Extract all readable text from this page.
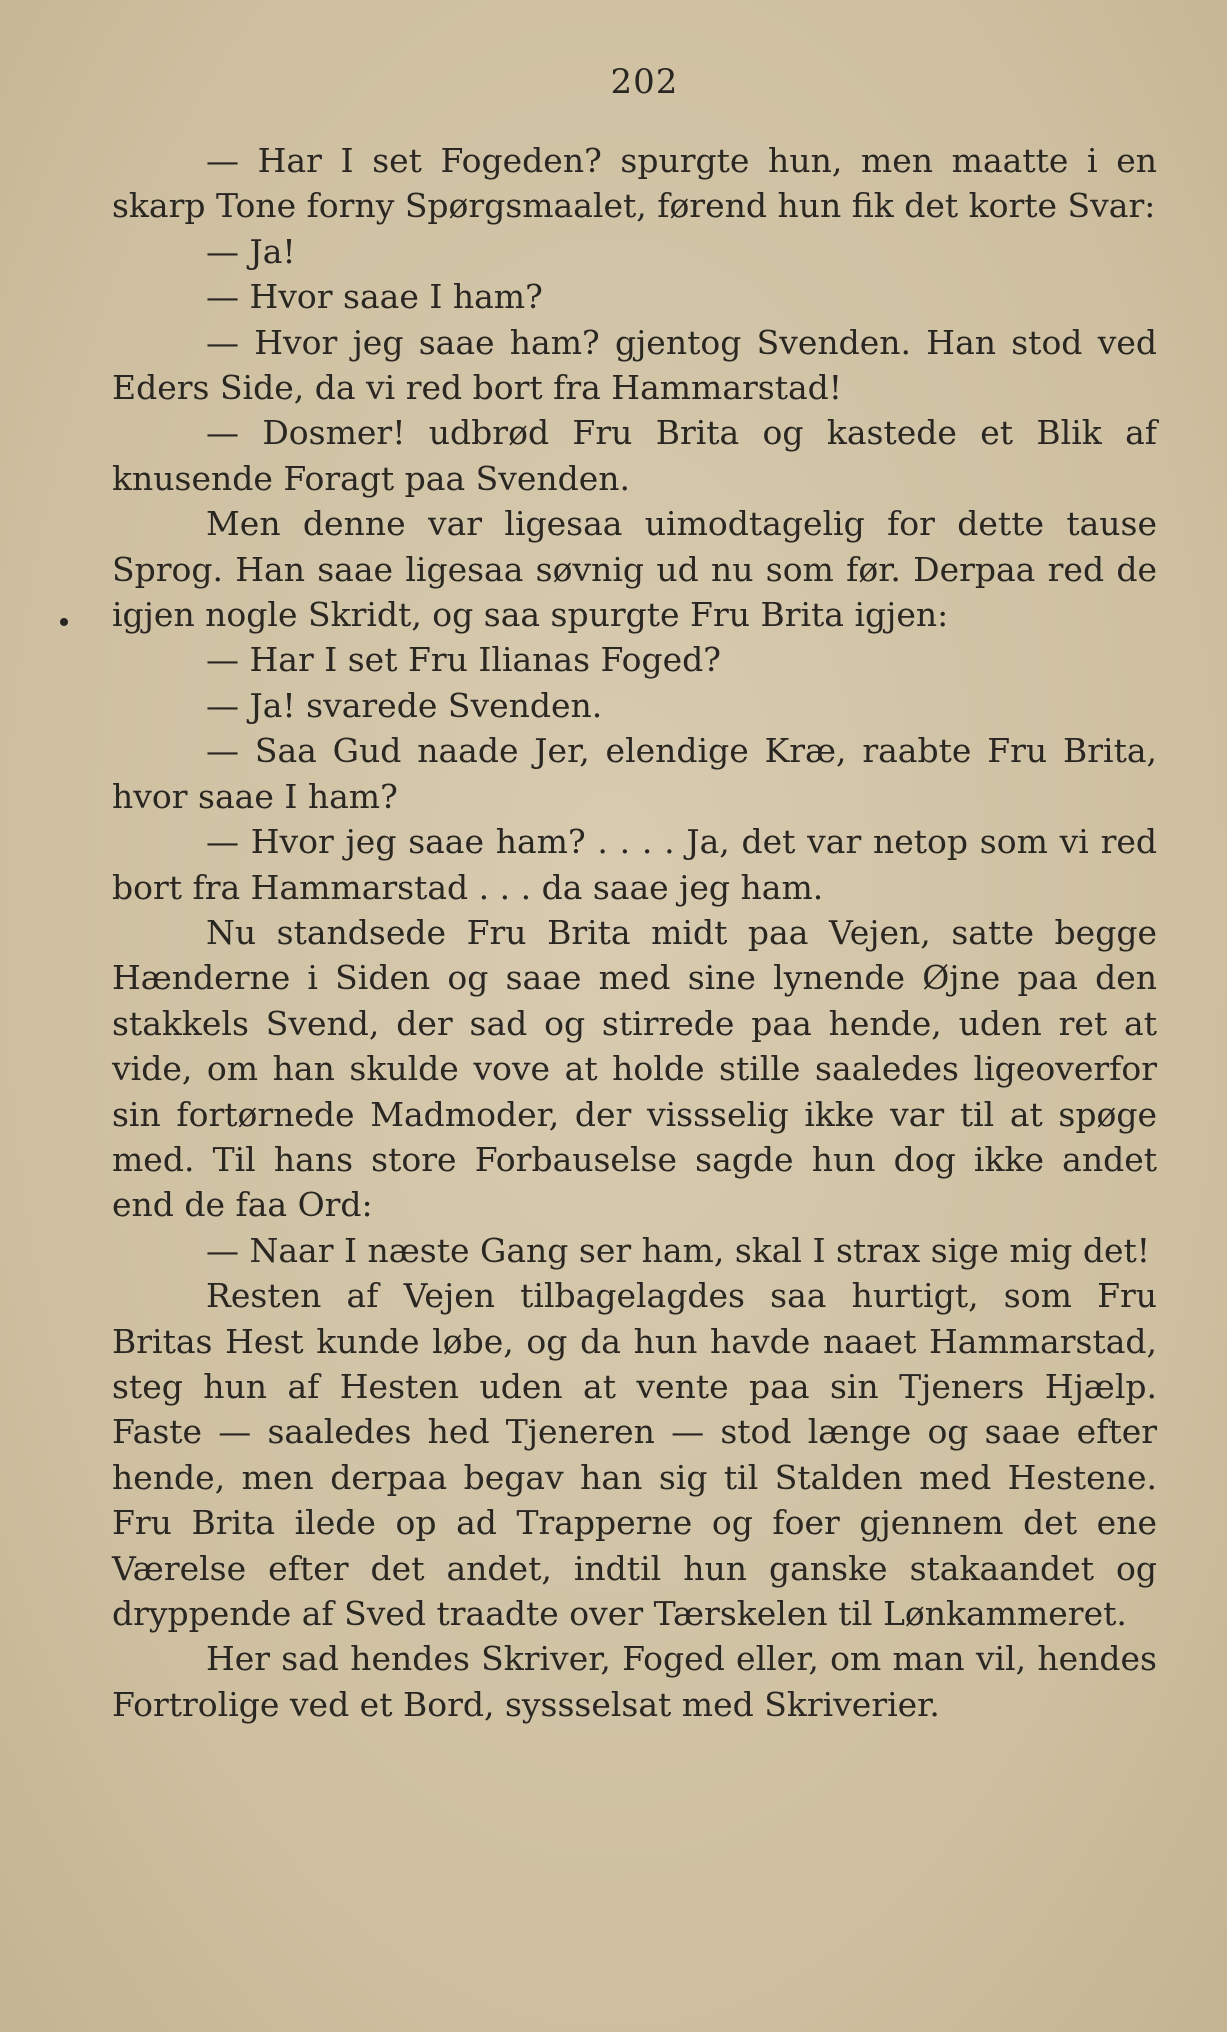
202

— Har I set Fogeden? spurgte hun, men maatte i en skarp Tone forny Spørgsmaalet, førend hun fik det korte Svar:

— Ja!

— Hvor saae I ham?

— Hvor jeg saae ham? gjentog Svenden. Han stod ved Eders Side, da vi red bort fra Hammarstad!

— Dosmer! udbrød Fru Brita og kastede et Blik af knusende Foragt paa Svenden.

Men denne var ligesaa uimodtagelig for dette tause Sprog. Han saae ligesaa søvnig ud nu som før. Derpaa red de igjen nogle Skridt, og saa spurgte Fru Brita igjen:

— Har I set Fru Ilianas Foged?

— Ja! svarede Svenden.

— Saa Gud naade Jer, elendige Kræ, raabte Fru Brita, hvor saae I ham?

— Hvor jeg saae ham? . . . . Ja, det var netop som vi red bort fra Hammarstad . . . da saae jeg ham.

Nu standsede Fru Brita midt paa Vejen, satte begge Hænderne i Siden og saae med sine lynende Øjne paa den stakkels Svend, der sad og stirrede paa hende, uden ret at vide, om han skulde vove at holde stille saaledes ligeoverfor sin fortørnede Madmoder, der vissselig ikke var til at spøge med. Til hans store Forbauselse sagde hun dog ikke andet end de faa Ord:

— Naar I næste Gang ser ham, skal I strax sige mig det!

Resten af Vejen tilbagelagdes saa hurtigt, som Fru Britas Hest kunde løbe, og da hun havde naaet Hammarstad, steg hun af Hesten uden at vente paa sin Tjeners Hjælp. Faste — saaledes hed Tjeneren — stod længe og saae efter hende, men derpaa begav han sig til Stalden med Hestene. Fru Brita ilede op ad Trapperne og foer gjennem det ene Værelse efter det andet, indtil hun ganske stakaandet og dryppende af Sved traadte over Tærskelen til Lønkammeret.

Her sad hendes Skriver, Foged eller, om man vil, hendes Fortrolige ved et Bord, syssselsat med Skriverier.
